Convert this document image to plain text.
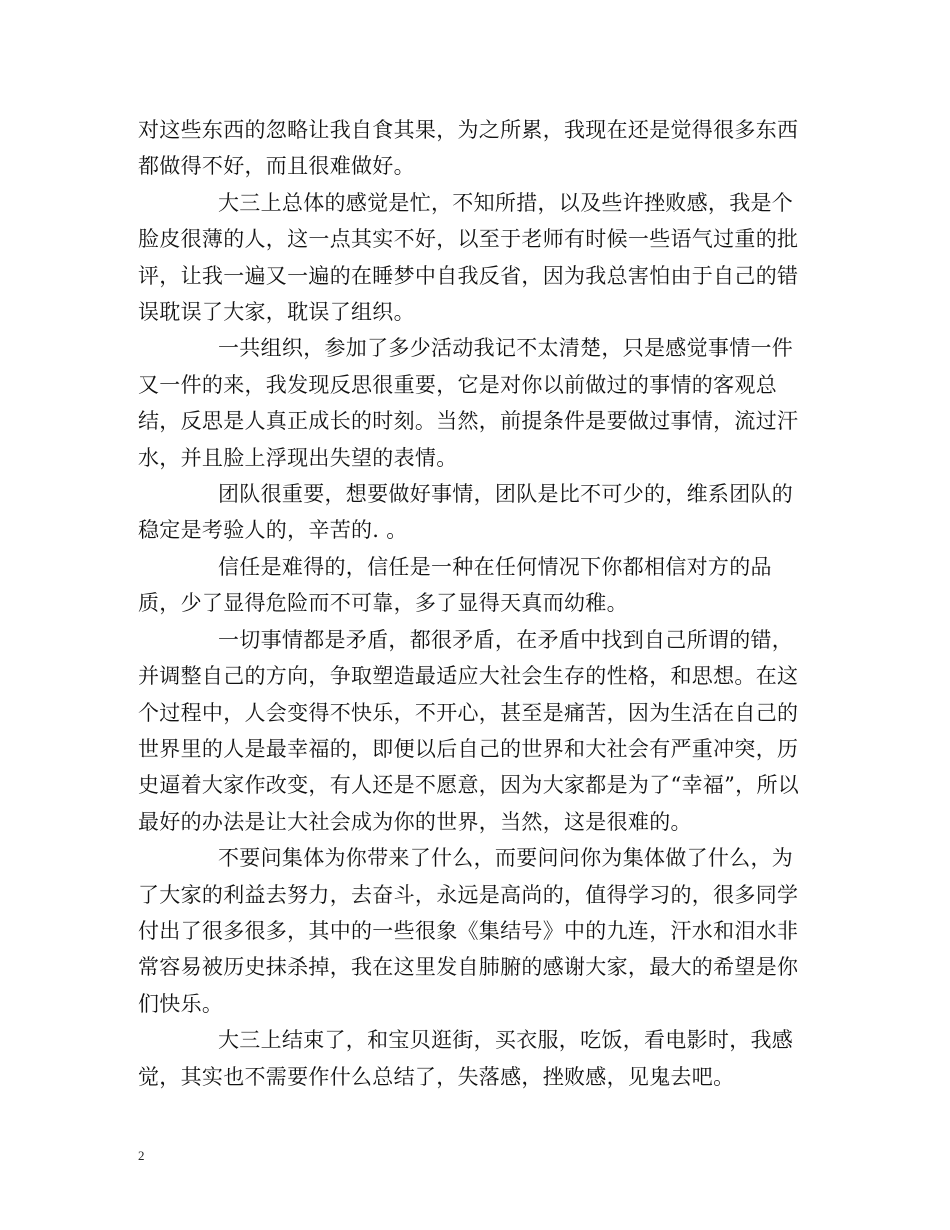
对这些东西的忽略让我自食其果，为之所累，我现在还是觉得很多东西都做得不好，而且很难做好。

大三上总体的感觉是忙，不知所措，以及些许挫败感，我是个脸皮很薄的人，这一点其实不好，以至于老师有时候一些语气过重的批评，让我一遍又一遍的在睡梦中自我反省，因为我总害怕由于自己的错误耽误了大家，耽误了组织。

一共组织，参加了多少活动我记不太清楚，只是感觉事情一件又一件的来，我发现反思很重要，它是对你以前做过的事情的客观总结，反思是人真正成长的时刻。当然，前提条件是要做过事情，流过汗水，并且脸上浮现出失望的表情。

团队很重要，想要做好事情，团队是比不可少的，维系团队的稳定是考验人的，辛苦的. 。

信任是难得的，信任是一种在任何情况下你都相信对方的品质，少了显得危险而不可靠，多了显得天真而幼稚。

一切事情都是矛盾，都很矛盾，在矛盾中找到自己所谓的错，并调整自己的方向，争取塑造最适应大社会生存的性格，和思想。在这个过程中，人会变得不快乐，不开心，甚至是痛苦，因为生活在自己的世界里的人是最幸福的，即便以后自己的世界和大社会有严重冲突，历史逼着大家作改变，有人还是不愿意，因为大家都是为了“幸福”，所以最好的办法是让大社会成为你的世界，当然，这是很难的。

不要问集体为你带来了什么，而要问问你为集体做了什么，为了大家的利益去努力，去奋斗，永远是高尚的，值得学习的，很多同学付出了很多很多，其中的一些很象《集结号》中的九连，汗水和泪水非常容易被历史抹杀掉，我在这里发自肺腑的感谢大家，最大的希望是你们快乐。

大三上结束了，和宝贝逛街，买衣服，吃饭，看电影时，我感觉，其实也不需要作什么总结了，失落感，挫败感，见鬼去吧。

2
